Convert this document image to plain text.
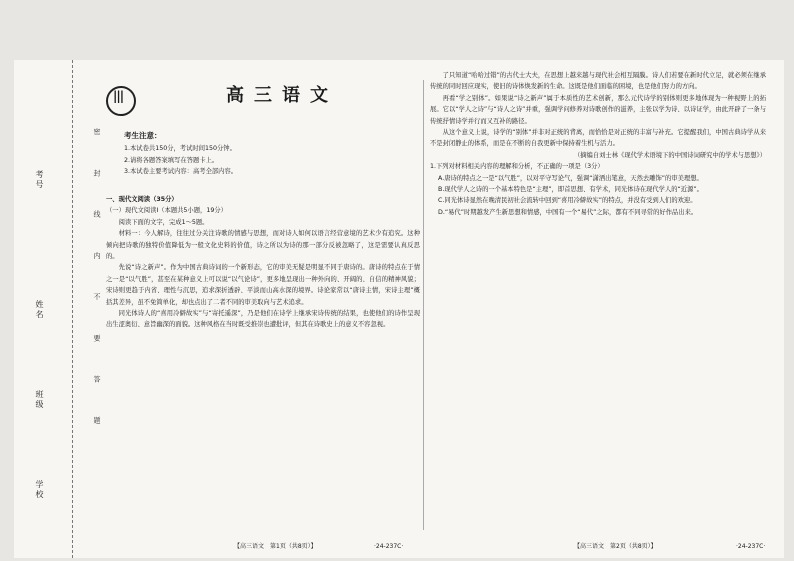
考号
姓名
班级
学校
密 封 线 内 不 要 答 题
|||
高三语文
考生注意：
1.本试卷共150分，考试时间150分钟。
2.请将各题答案填写在答题卡上。
3.本试卷主要考试内容：高考全部内容。
一、现代文阅读（35分）
（一）现代文阅读Ⅰ（本题共5小题，19分）

阅读下面的文字，完成1～5题。

材料一：今人解诗，往往过分关注诗歌的情感与思想，而对诗人如何以语言经营意境的艺术少有追究。这种倾向把诗歌的独特价值降低为一般文化史料的价值，诗之所以为诗的那一部分反被忽略了，这是需要认真反思的。

先说“诗之新声”。作为中国古典诗词的一个新形态，它的审美无疑是明显不同于唐诗的。唐诗的特点在于情之一是“以气胜”，甚至在某种意义上可以说“以气论诗”，更多地呈现出一种外向的、开阔的、自信的精神风貌；宋诗则更趋于内省、理性与沉思，追求深折透辟、平淡而山高水深的境界。诗论家常以“唐诗主情，宋诗主理”概括其差异，虽不免简单化，却也点出了二者不同的审美取向与艺术追求。

同光体诗人的“喜用冷僻故实”与“寄托遥深”，乃是他们在诗学上继承宋诗传统的结果，也使他们的诗作呈现出生涩奥衍、意旨幽深的面貌。这种风格在当时既受推崇也遭批评，但其在诗歌史上的意义不容忽视。

了只知道“哈哈过错”的古代士大夫，在思想上越来越与现代社会相互隔膜。诗人们若要在新时代立足，就必须在继承传统的同时回应现实，使旧的诗体焕发新的生命。这既是他们面临的困境，也是他们努力的方向。

再看“学之别体”。如果说“诗之新声”属于本质性的艺术创新，那么元代诗学的别体则更多地体现为一种视野上的拓展。它以“学人之诗”与“诗人之诗”并重，强调学问修养对诗歌创作的滋养，主张以学为诗、以诗证学，由此开辟了一条与传统抒情诗学并行而又互补的路径。

从这个意义上说，诗学的“别体”并非对正统的背离，而恰恰是对正统的丰富与补充。它提醒我们，中国古典诗学从来不是封闭静止的体系，而是在不断的自我更新中保持着生机与活力。

（摘编自刘士林《现代学术语境下的中国诗词研究中的学术与思想》）

1.下列对材料相关内容的理解和分析，不正确的一项是（3分）

A.唐诗的特点之一是“以气胜”，以对平守写论气，强调“潇洒出笔意，天然去雕饰”的审美理想。

B.现代学人之诗的一个基本特色是“主理”，即首思想、有学术，同光体诗在现代学人的“近源”。

C.同光体诗显然在晚清民初社会流转中回到“喜用冷僻故实”的特点，并没有受到人们的欢迎。

D.“易代”时期越发产生新思想和情感，中国有一个“易代”之际，都有不同寻常的好作品出来。

【高三语文　第1页（共8页）】	·24-237C·	【高三语文　第2页（共8页）】	·24-237C·
